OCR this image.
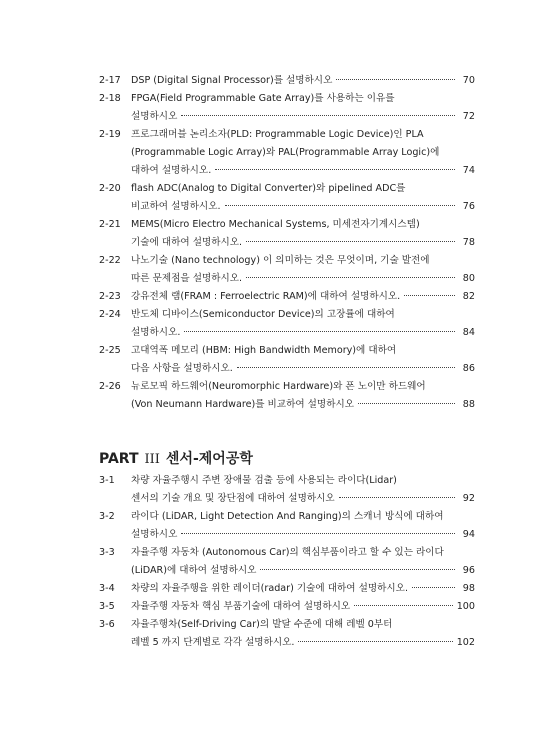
2-17	DSP (Digital Signal Processor)를 설명하시오	70
2-18	FPGA(Field Programmable Gate Array)를 사용하는 이유를
설명하시오	72
2-19	프로그래머블 논리소자(PLD: Programmable Logic Device)인 PLA
(Programmable Logic Array)와 PAL(Programmable Array Logic)에
대하여 설명하시오.	74
2-20	flash ADC(Analog to Digital Converter)와 pipelined ADC를
비교하여 설명하시오.	76
2-21	MEMS(Micro Electro Mechanical Systems, 미세전자기계시스템)
기술에 대하여 설명하시오.	78
2-22	나노기술 (Nano technology) 이 의미하는 것은 무엇이며, 기술 발전에
따른 문제점을 설명하시오.	80
2-23	강유전체 램(FRAM : Ferroelectric RAM)에 대하여 설명하시오.	82
2-24	반도체 디바이스(Semiconductor Device)의 고장률에 대하여
설명하시오.	84
2-25	고대역폭 메모리 (HBM: High Bandwidth Memory)에 대하여
다음 사항을 설명하시오.	86
2-26	뉴로모픽 하드웨어(Neuromorphic Hardware)와 폰 노이만 하드웨어
(Von Neumann Hardware)를 비교하여 설명하시오	88
PART III 센서-제어공학
3-1	차량 자율주행시 주변 장애물 검출 등에 사용되는 라이다(Lidar)
센서의 기술 개요 및 장단점에 대하여 설명하시오	92
3-2	라이다 (LiDAR, Light Detection And Ranging)의 스캐너 방식에 대하여
설명하시오	94
3-3	자율주행 자동차 (Autonomous Car)의 핵심부품이라고 할 수 있는 라이다
(LiDAR)에 대하여 설명하시오	96
3-4	차량의 자율주행을 위한 레이더(radar) 기술에 대하여 설명하시오.	98
3-5	자율주행 자동차 핵심 부품기술에 대하여 설명하시오	100
3-6	자율주행차(Self-Driving Car)의 발달 수준에 대해 레벨 0부터
레벨 5 까지 단계별로 각각 설명하시오.	102
